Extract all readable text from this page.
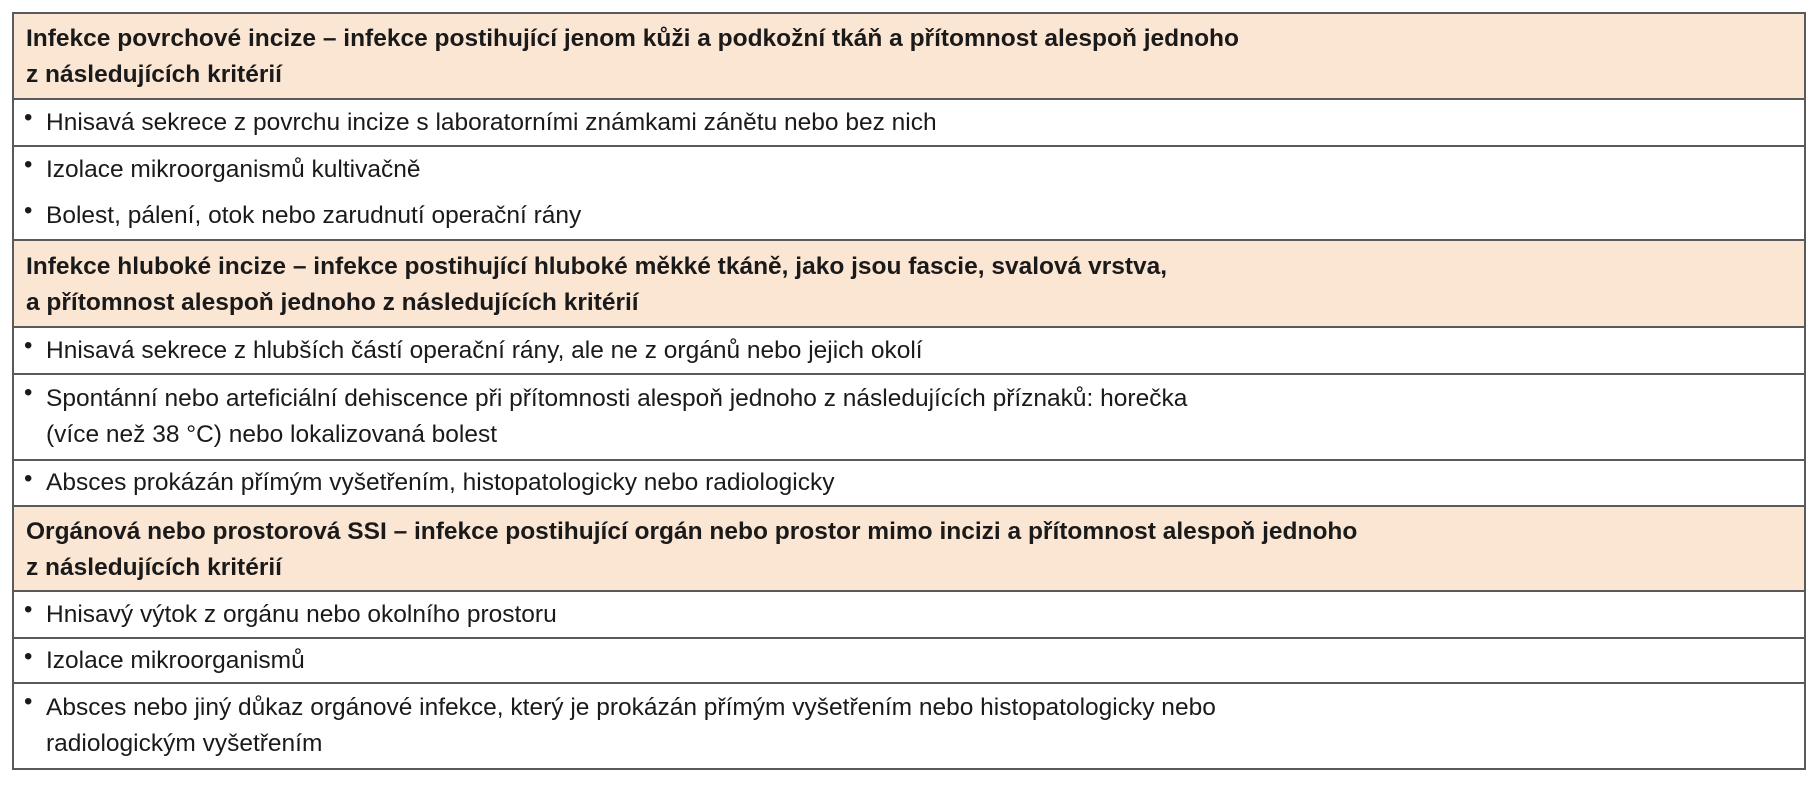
Infekce povrchové incize – infekce postihující jenom kůži a podkožní tkáň a přítomnost alespoň jednoho
z následujících kritérií
• Hnisavá sekrece z povrchu incize s laboratorními známkami zánětu nebo bez nich
• Izolace mikroorganismů kultivačně
• Bolest, pálení, otok nebo zarudnutí operační rány
Infekce hluboké incize – infekce postihující hluboké měkké tkáně, jako jsou fascie, svalová vrstva,
a přítomnost alespoň jednoho z následujících kritérií
• Hnisavá sekrece z hlubších částí operační rány, ale ne z orgánů nebo jejich okolí
• Spontánní nebo arteficiální dehiscence při přítomnosti alespoň jednoho z následujících příznaků: horečka
(více než 38 °C) nebo lokalizovaná bolest
• Absces prokázán přímým vyšetřením, histopatologicky nebo radiologicky
Orgánová nebo prostorová SSI – infekce postihující orgán nebo prostor mimo incizi a přítomnost alespoň jednoho
z následujících kritérií
• Hnisavý výtok z orgánu nebo okolního prostoru
• Izolace mikroorganismů
• Absces nebo jiný důkaz orgánové infekce, který je prokázán přímým vyšetřením nebo histopatologicky nebo
radiologickým vyšetřením
